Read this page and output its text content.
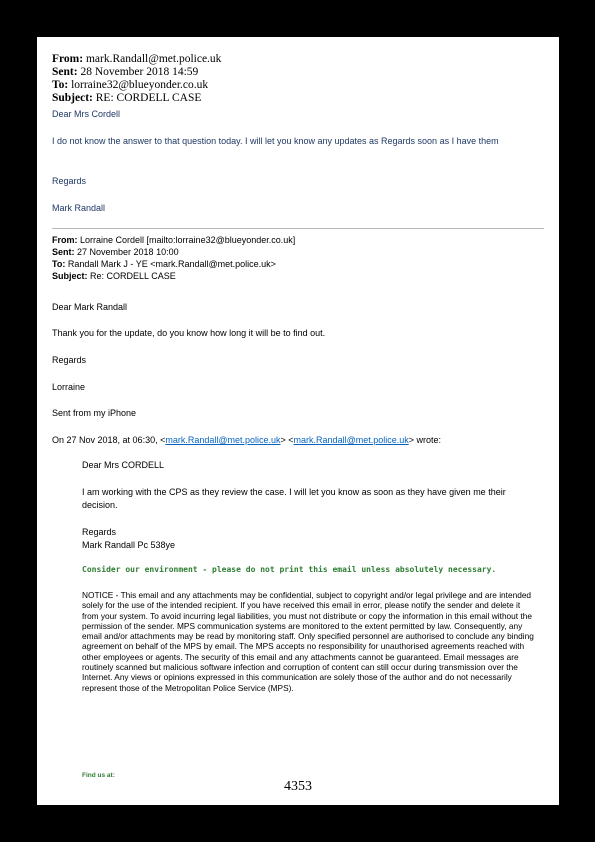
From: mark.Randall@met.police.uk
Sent: 28 November 2018 14:59
To: lorraine32@blueyonder.co.uk
Subject: RE: CORDELL CASE
Dear Mrs Cordell
I do not know the answer to that question today. I will let you know any updates as Regards soon as I have them
Regards
Mark Randall
From: Lorraine Cordell [mailto:lorraine32@blueyonder.co.uk]
Sent: 27 November 2018 10:00
To: Randall Mark J - YE <mark.Randall@met.police.uk>
Subject: Re: CORDELL CASE
Dear Mark Randall
Thank you for the update, do you know how long it will be to find out.
Regards
Lorraine
Sent from my iPhone
On 27 Nov 2018, at 06:30, <mark.Randall@met.police.uk> <mark.Randall@met.police.uk> wrote:
Dear Mrs CORDELL
I am working with the CPS as they review the case. I will let you know as soon as they have given me their decision.
Regards
Mark Randall Pc 538ye
Consider our environment - please do not print this email unless absolutely necessary.
NOTICE - This email and any attachments may be confidential, subject to copyright and/or legal privilege and are intended solely for the use of the intended recipient. If you have received this email in error, please notify the sender and delete it from your system. To avoid incurring legal liabilities, you must not distribute or copy the information in this email without the permission of the sender. MPS communication systems are monitored to the extent permitted by law. Consequently, any email and/or attachments may be read by monitoring staff. Only specified personnel are authorised to conclude any binding agreement on behalf of the MPS by email. The MPS accepts no responsibility for unauthorised agreements reached with other employees or agents. The security of this email and any attachments cannot be guaranteed. Email messages are routinely scanned but malicious software infection and corruption of content can still occur during transmission over the Internet. Any views or opinions expressed in this communication are solely those of the author and do not necessarily represent those of the Metropolitan Police Service (MPS).
Find us at:
4353
